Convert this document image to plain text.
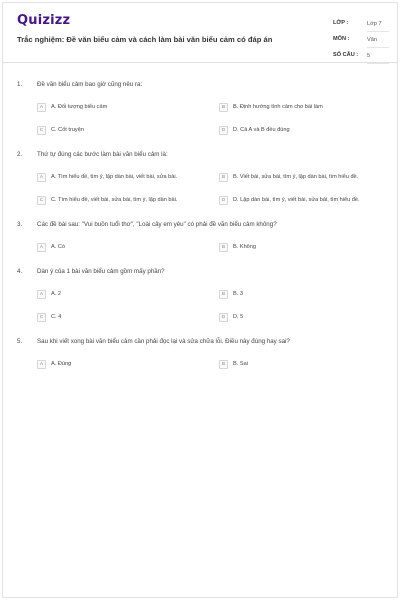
Quizizz
Trắc nghiệm: Đề văn biểu cảm và cách làm bài văn biểu cảm có đáp án
LỚP :	Lớp 7
MÔN :	Văn
SỐ CÂU : 5
1. Đề văn biểu cảm bao giờ cũng nêu ra:
A	A. Đối tượng biểu cảm	B	B. Định hướng tình cảm cho bài làm
C	C. Cốt truyện	D	D. Cả A và B đều đúng
2. Thứ tự đúng các bước làm bài văn biểu cảm là:
A	A. Tìm hiểu đề, tìm ý, lập dàn bài, viết bài, sửa bài.	B	B. Viết bài, sửa bài, tìm ý, lập dàn bài, tìm hiểu đề.
C	C. Tìm hiểu đề, viết bài, sửa bài, tìm ý, lập dàn bài.	D	D. Lập dàn bài, tìm ý, viết bài, sửa bài, tìm hiểu đề.
3. Các đề bài sau: "Vui buồn tuổi thơ", "Loài cây em yêu" có phải đề văn biểu cảm không?
A	A. Có	B	B. Không
4. Dàn ý của 1 bài văn biểu cảm gồm mấy phần?
A	A. 2	B	B. 3
C	C. 4	D	D. 5
5. Sau khi viết xong bài văn biểu cảm cần phải đọc lại và sửa chữa lỗi. Điều này đúng hay sai?
A	A. Đúng	B	B. Sai
